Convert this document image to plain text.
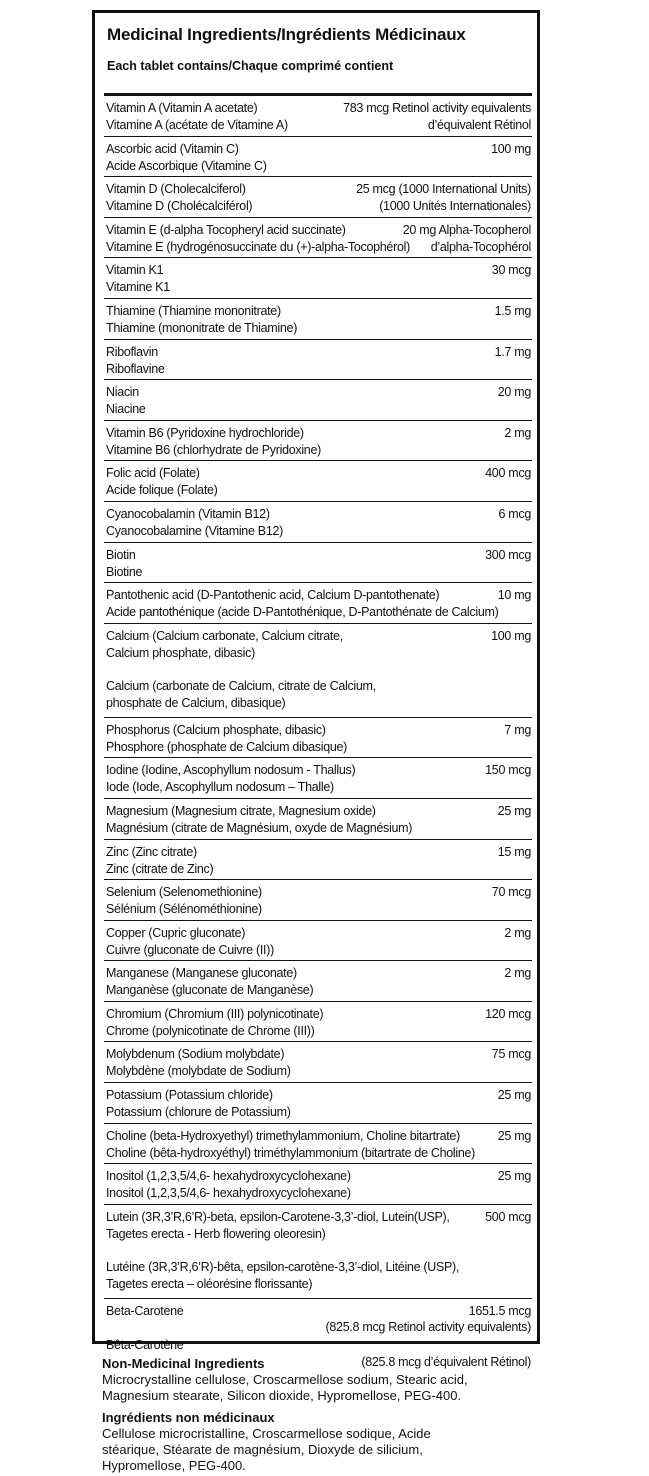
Medicinal Ingredients/Ingrédients Médicinaux
Each tablet contains/Chaque comprimé contient
Vitamin A (Vitamin A acetate)	783 mcg Retinol activity equivalents
Vitamine A (acétate de Vitamine A)	d’équivalent Rétinol
Ascorbic acid (Vitamin C)	100 mg
Acide Ascorbique (Vitamine C)
Vitamin D (Cholecalciferol)	25 mcg (1000 International Units)
Vitamine D (Cholécalciférol)	(1000 Unités Internationales)
Vitamin E (d-alpha Tocopheryl acid succinate)	20 mg Alpha-Tocopherol
Vitamine E (hydrogénosuccinate du (+)-alpha-Tocophérol) d’alpha-Tocophérol
Vitamin K1	30 mcg
Vitamine K1
Thiamine (Thiamine mononitrate)	1.5 mg
Thiamine (mononitrate de Thiamine)
Riboflavin	1.7 mg
Riboflavine
Niacin	20 mg
Niacine
Vitamin B6 (Pyridoxine hydrochloride)	2 mg
Vitamine B6 (chlorhydrate de Pyridoxine)
Folic acid (Folate)	400 mcg
Acide folique (Folate)
Cyanocobalamin (Vitamin B12)	6 mcg
Cyanocobalamine (Vitamine B12)
Biotin	300 mcg
Biotine
Pantothenic acid (D-Pantothenic acid, Calcium D-pantothenate)	10 mg
Acide pantothénique (acide D-Pantothénique, D-Pantothénate de Calcium)
Calcium (Calcium carbonate, Calcium citrate,	100 mg
Calcium phosphate, dibasic)
Calcium (carbonate de Calcium, citrate de Calcium,
phosphate de Calcium, dibasique)
Phosphorus (Calcium phosphate, dibasic)	7 mg
Phosphore (phosphate de Calcium dibasique)
Iodine (Iodine, Ascophyllum nodosum - Thallus)	150 mcg
Iode (Iode, Ascophyllum nodosum – Thalle)
Magnesium (Magnesium citrate, Magnesium oxide)	25 mg
Magnésium (citrate de Magnésium, oxyde de Magnésium)
Zinc (Zinc citrate)	15 mg
Zinc (citrate de Zinc)
Selenium (Selenomethionine)	70 mcg
Sélénium (Sélénométhionine)
Copper (Cupric gluconate)	2 mg
Cuivre (gluconate de Cuivre (II))
Manganese (Manganese gluconate)	2 mg
Manganèse (gluconate de Manganèse)
Chromium (Chromium (III) polynicotinate)	120 mcg
Chrome (polynicotinate de Chrome (III))
Molybdenum (Sodium molybdate)	75 mcg
Molybdène (molybdate de Sodium)
Potassium (Potassium chloride)	25 mg
Potassium (chlorure de Potassium)
Choline (beta-Hydroxyethyl) trimethylammonium, Choline bitartrate)	25 mg
Choline (bêta-hydroxyéthyl) triméthylammonium (bitartrate de Choline)
Inositol (1,2,3,5/4,6- hexahydroxycyclohexane)	25 mg
Inositol (1,2,3,5/4,6- hexahydroxycyclohexane)
Lutein (3R,3’R,6’R)-beta, epsilon-Carotene-3,3’-diol, Lutein(USP),	500 mcg
Tagetes erecta - Herb flowering oleoresin)
Lutéine (3R,3’R,6’R)-bêta, epsilon-carotène-3,3’-diol, Litéine (USP),
Tagetes erecta – oléorésine florissante)
Beta-Carotene	1651.5 mcg
(825.8 mcg Retinol activity equivalents)
Bêta-Carotène
(825.8 mcg d’équivalent Rétinol)
Non-Medicinal Ingredients
Microcrystalline cellulose, Croscarmellose sodium, Stearic acid,
Magnesium stearate, Silicon dioxide, Hypromellose, PEG-400.
Ingrédients non médicinaux
Cellulose microcristalline, Croscarmellose sodique, Acide
stéarique, Stéarate de magnésium, Dioxyde de silicium,
Hypromellose, PEG-400.
